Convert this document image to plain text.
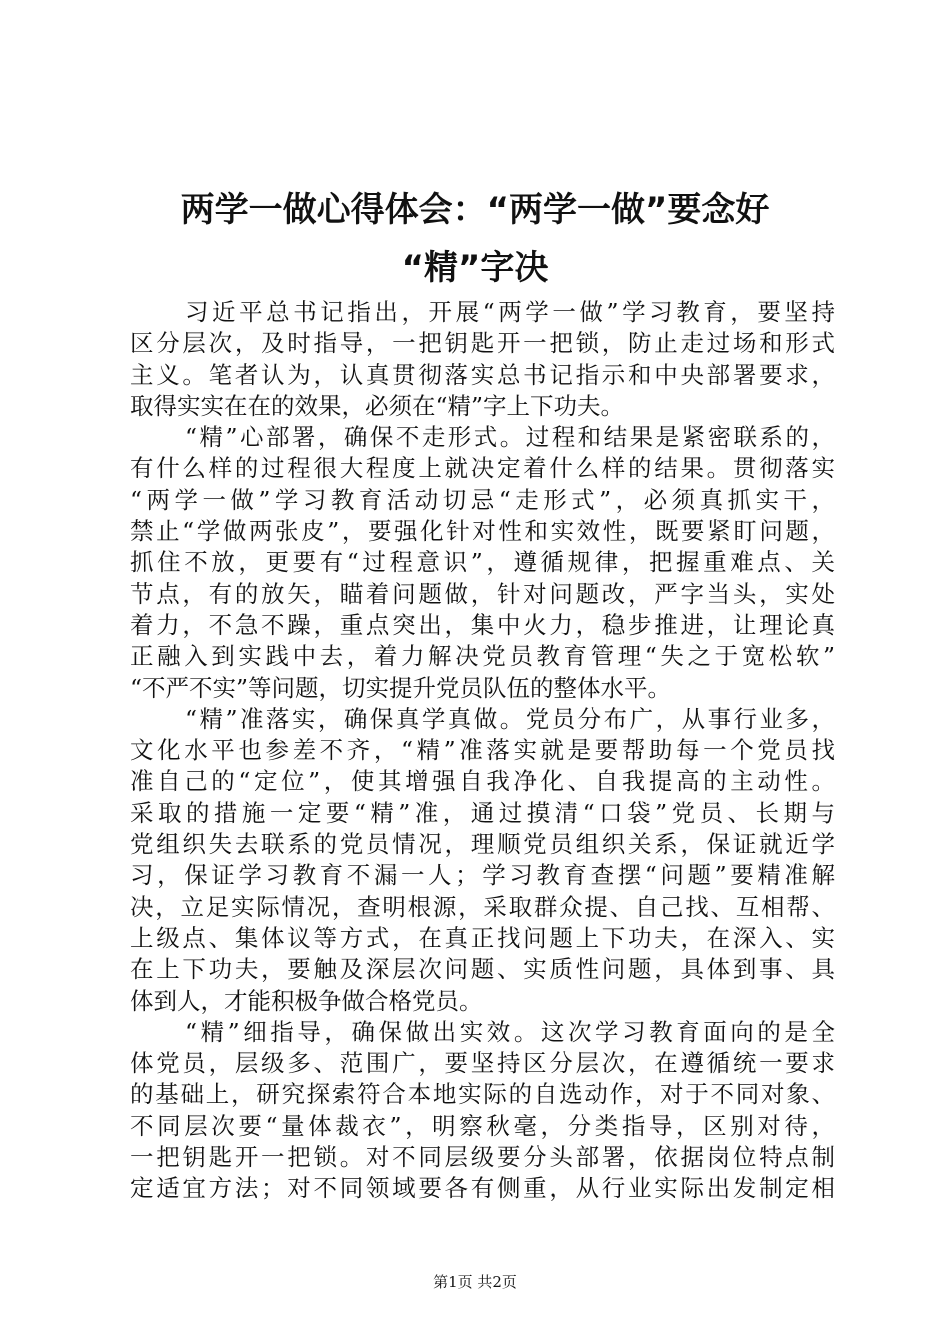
两学一做心得体会：“两学一做”要念好
“精”字决
习近平总书记指出，开展“两学一做”学习教育，要坚持
区分层次，及时指导，一把钥匙开一把锁，防止走过场和形式
主义。笔者认为，认真贯彻落实总书记指示和中央部署要求，
取得实实在在的效果，必须在“精”字上下功夫。
“精”心部署，确保不走形式。过程和结果是紧密联系的，
有什么样的过程很大程度上就决定着什么样的结果。贯彻落实
“两学一做”学习教育活动切忌“走形式”，必须真抓实干，
禁止“学做两张皮”，要强化针对性和实效性，既要紧盯问题，
抓住不放，更要有“过程意识”，遵循规律，把握重难点、关
节点，有的放矢，瞄着问题做，针对问题改，严字当头，实处
着力，不急不躁，重点突出，集中火力，稳步推进，让理论真
正融入到实践中去，着力解决党员教育管理“失之于宽松软”
“不严不实”等问题，切实提升党员队伍的整体水平。
“精”准落实，确保真学真做。党员分布广，从事行业多，
文化水平也参差不齐，“精”准落实就是要帮助每一个党员找
准自己的“定位”，使其增强自我净化、自我提高的主动性。
采取的措施一定要“精”准，通过摸清“口袋”党员、长期与
党组织失去联系的党员情况，理顺党员组织关系，保证就近学
习，保证学习教育不漏一人；学习教育查摆“问题”要精准解
决，立足实际情况，查明根源，采取群众提、自己找、互相帮、
上级点、集体议等方式，在真正找问题上下功夫，在深入、实
在上下功夫，要触及深层次问题、实质性问题，具体到事、具
体到人，才能积极争做合格党员。
“精”细指导，确保做出实效。这次学习教育面向的是全
体党员，层级多、范围广，要坚持区分层次，在遵循统一要求
的基础上，研究探索符合本地实际的自选动作，对于不同对象、
不同层次要“量体裁衣”，明察秋毫，分类指导，区别对待，
一把钥匙开一把锁。对不同层级要分头部署，依据岗位特点制
定适宜方法；对不同领域要各有侧重，从行业实际出发制定相
第1页 共2页
